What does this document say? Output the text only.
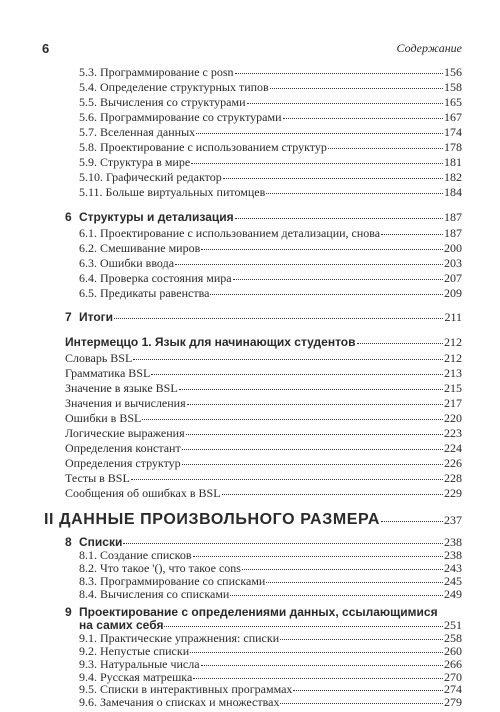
6	Содержание
5.3. Программирование с posn	156
5.4. Определение структурных типов	158
5.5. Вычисления со структурами	165
5.6. Программирование со структурами	167
5.7. Вселенная данных	174
5.8. Проектирование с использованием структур	178
5.9. Структура в мире	181
5.10. Графический редактор	182
5.11. Больше виртуальных питомцев	184
6 Структуры и детализация	187
6.1. Проектирование с использованием детализации, снова	187
6.2. Смешивание миров	200
6.3. Ошибки ввода	203
6.4. Проверка состояния мира	207
6.5. Предикаты равенства	209
7 Итоги	211
Интермеццо 1. Язык для начинающих студентов	212
Словарь BSL	212
Грамматика BSL	213
Значение в языке BSL	215
Значения и вычисления	217
Ошибки в BSL	220
Логические выражения	223
Определения констант	224
Определения структур	226
Тесты в BSL	228
Сообщения об ошибках в BSL	229
II ДАННЫЕ ПРОИЗВОЛЬНОГО РАЗМЕРА	237
8 Списки	238
8.1. Создание списков	238
8.2. Что такое '(), что такое cons	243
8.3. Программирование со списками	245
8.4. Вычисления со списками	249
9 Проектирование с определениями данных, ссылающимися
на самих себя	251
9.1. Практические упражнения: списки	258
9.2. Непустые списки	260
9.3. Натуральные числа	266
9.4. Русская матрешка	270
9.5. Списки в интерактивных программах	274
9.6. Замечания о списках и множествах	279
